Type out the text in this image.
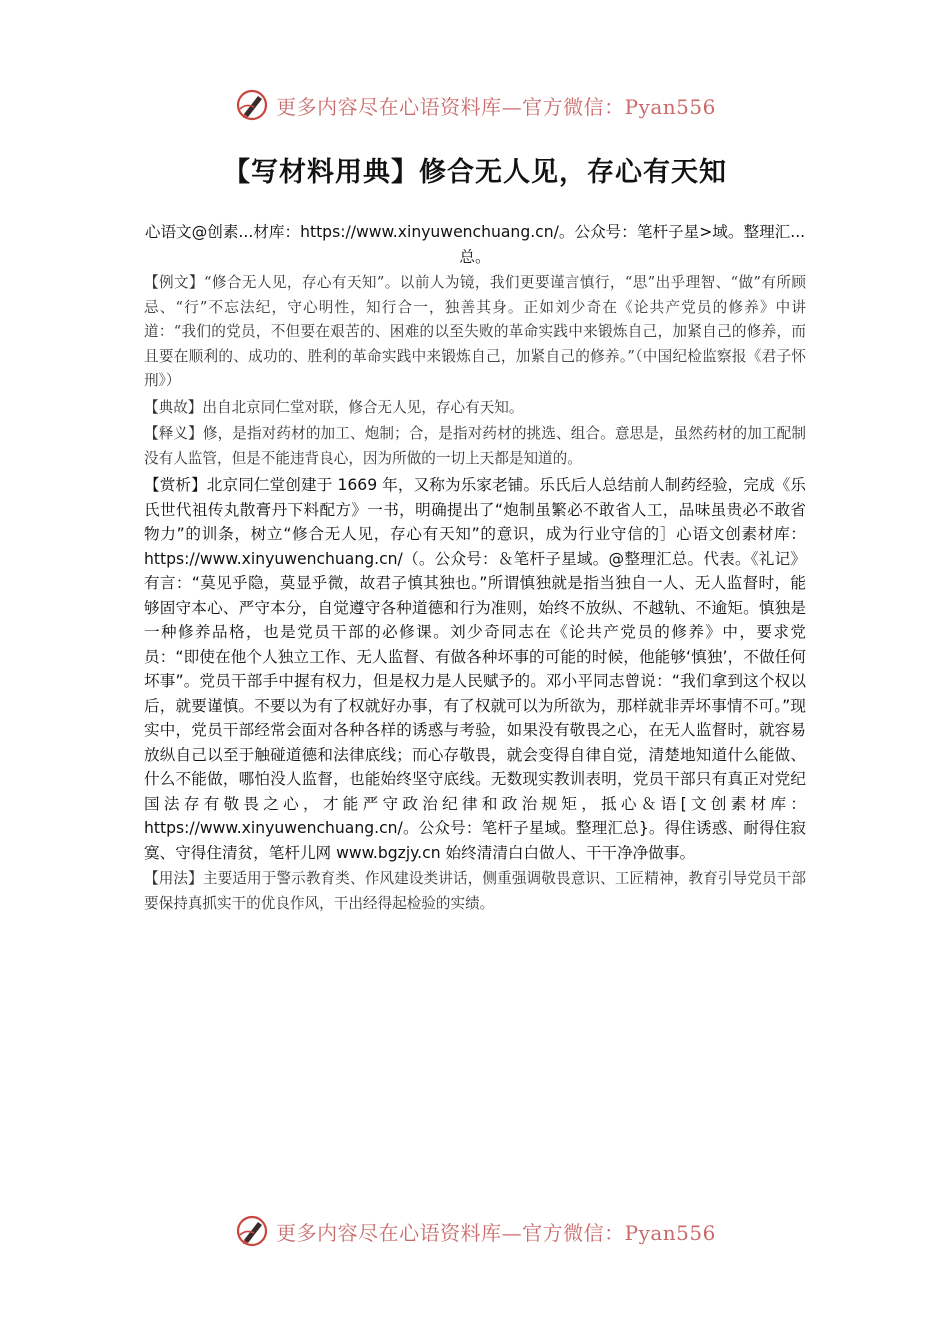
更多内容尽在心语资料库—官方微信：Pyan556
【写材料用典】修合无人见，存心有天知

心语文@创素...材库：https://www.xinyuwenchuang.cn/。公众号：笔杆子星>域。整理汇...总。

【例文】“修合无人见，存心有天知”。以前人为镜，我们更要谨言慎行，“思”出乎理智、“做”有所顾忌、“行”不忘法纪，守心明性，知行合一，独善其身。正如刘少奇在《论共产党员的修养》中讲道：“我们的党员，不但要在艰苦的、困难的以至失败的革命实践中来锻炼自己，加紧自己的修养，而且要在顺利的、成功的、胜利的革命实践中来锻炼自己，加紧自己的修养。”（中国纪检监察报《君子怀刑》）

【典故】出自北京同仁堂对联，修合无人见，存心有天知。

【释义】修，是指对药材的加工、炮制；合，是指对药材的挑选、组合。意思是，虽然药材的加工配制没有人监管，但是不能违背良心，因为所做的一切上天都是知道的。

【赏析】北京同仁堂创建于 1669 年，又称为乐家老铺。乐氏后人总结前人制药经验，完成《乐氏世代祖传丸散膏丹下料配方》一书，明确提出了“炮制虽繁必不敢省人工，品味虽贵必不敢省物力”的训条，树立“修合无人见，存心有天知”的意识，成为行业守信的］心语文创素材库：https://www.xinyuwenchuang.cn/（。公众号：＆笔杆子星域。@整理汇总。代表。《礼记》有言：“莫见乎隐，莫显乎微，故君子慎其独也。”所谓慎独就是指当独自一人、无人监督时，能够固守本心、严守本分，自觉遵守各种道德和行为准则，始终不放纵、不越轨、不逾矩。慎独是一种修养品格，也是党员干部的必修课。刘少奇同志在《论共产党员的修养》中，要求党员：“即使在他个人独立工作、无人监督、有做各种坏事的可能的时候，他能够‘慎独’，不做任何坏事”。党员干部手中握有权力，但是权力是人民赋予的。邓小平同志曾说：“我们拿到这个权以后，就要谨慎。不要以为有了权就好办事，有了权就可以为所欲为，那样就非弄坏事情不可。”现实中，党员干部经常会面对各种各样的诱惑与考验，如果没有敬畏之心，在无人监督时，就容易放纵自己以至于触碰道德和法律底线；而心存敬畏，就会变得自律自觉，清楚地知道什么能做、什么不能做，哪怕没人监督，也能始终坚守底线。无数现实教训表明，党员干部只有真正对党纪国法存有敬畏之心，才能严守政治纪律和政治规矩，抵心＆语[文创素材库：https://www.xinyuwenchuang.cn/。公众号：笔杆子星域。整理汇总}。得住诱惑、耐得住寂寞、守得住清贫，笔杆儿网 www.bgzjy.cn 始终清清白白做人、干干净净做事。

【用法】主要适用于警示教育类、作风建设类讲话，侧重强调敬畏意识、工匠精神，教育引导党员干部要保持真抓实干的优良作风，干出经得起检验的实绩。

更多内容尽在心语资料库—官方微信：Pyan556
